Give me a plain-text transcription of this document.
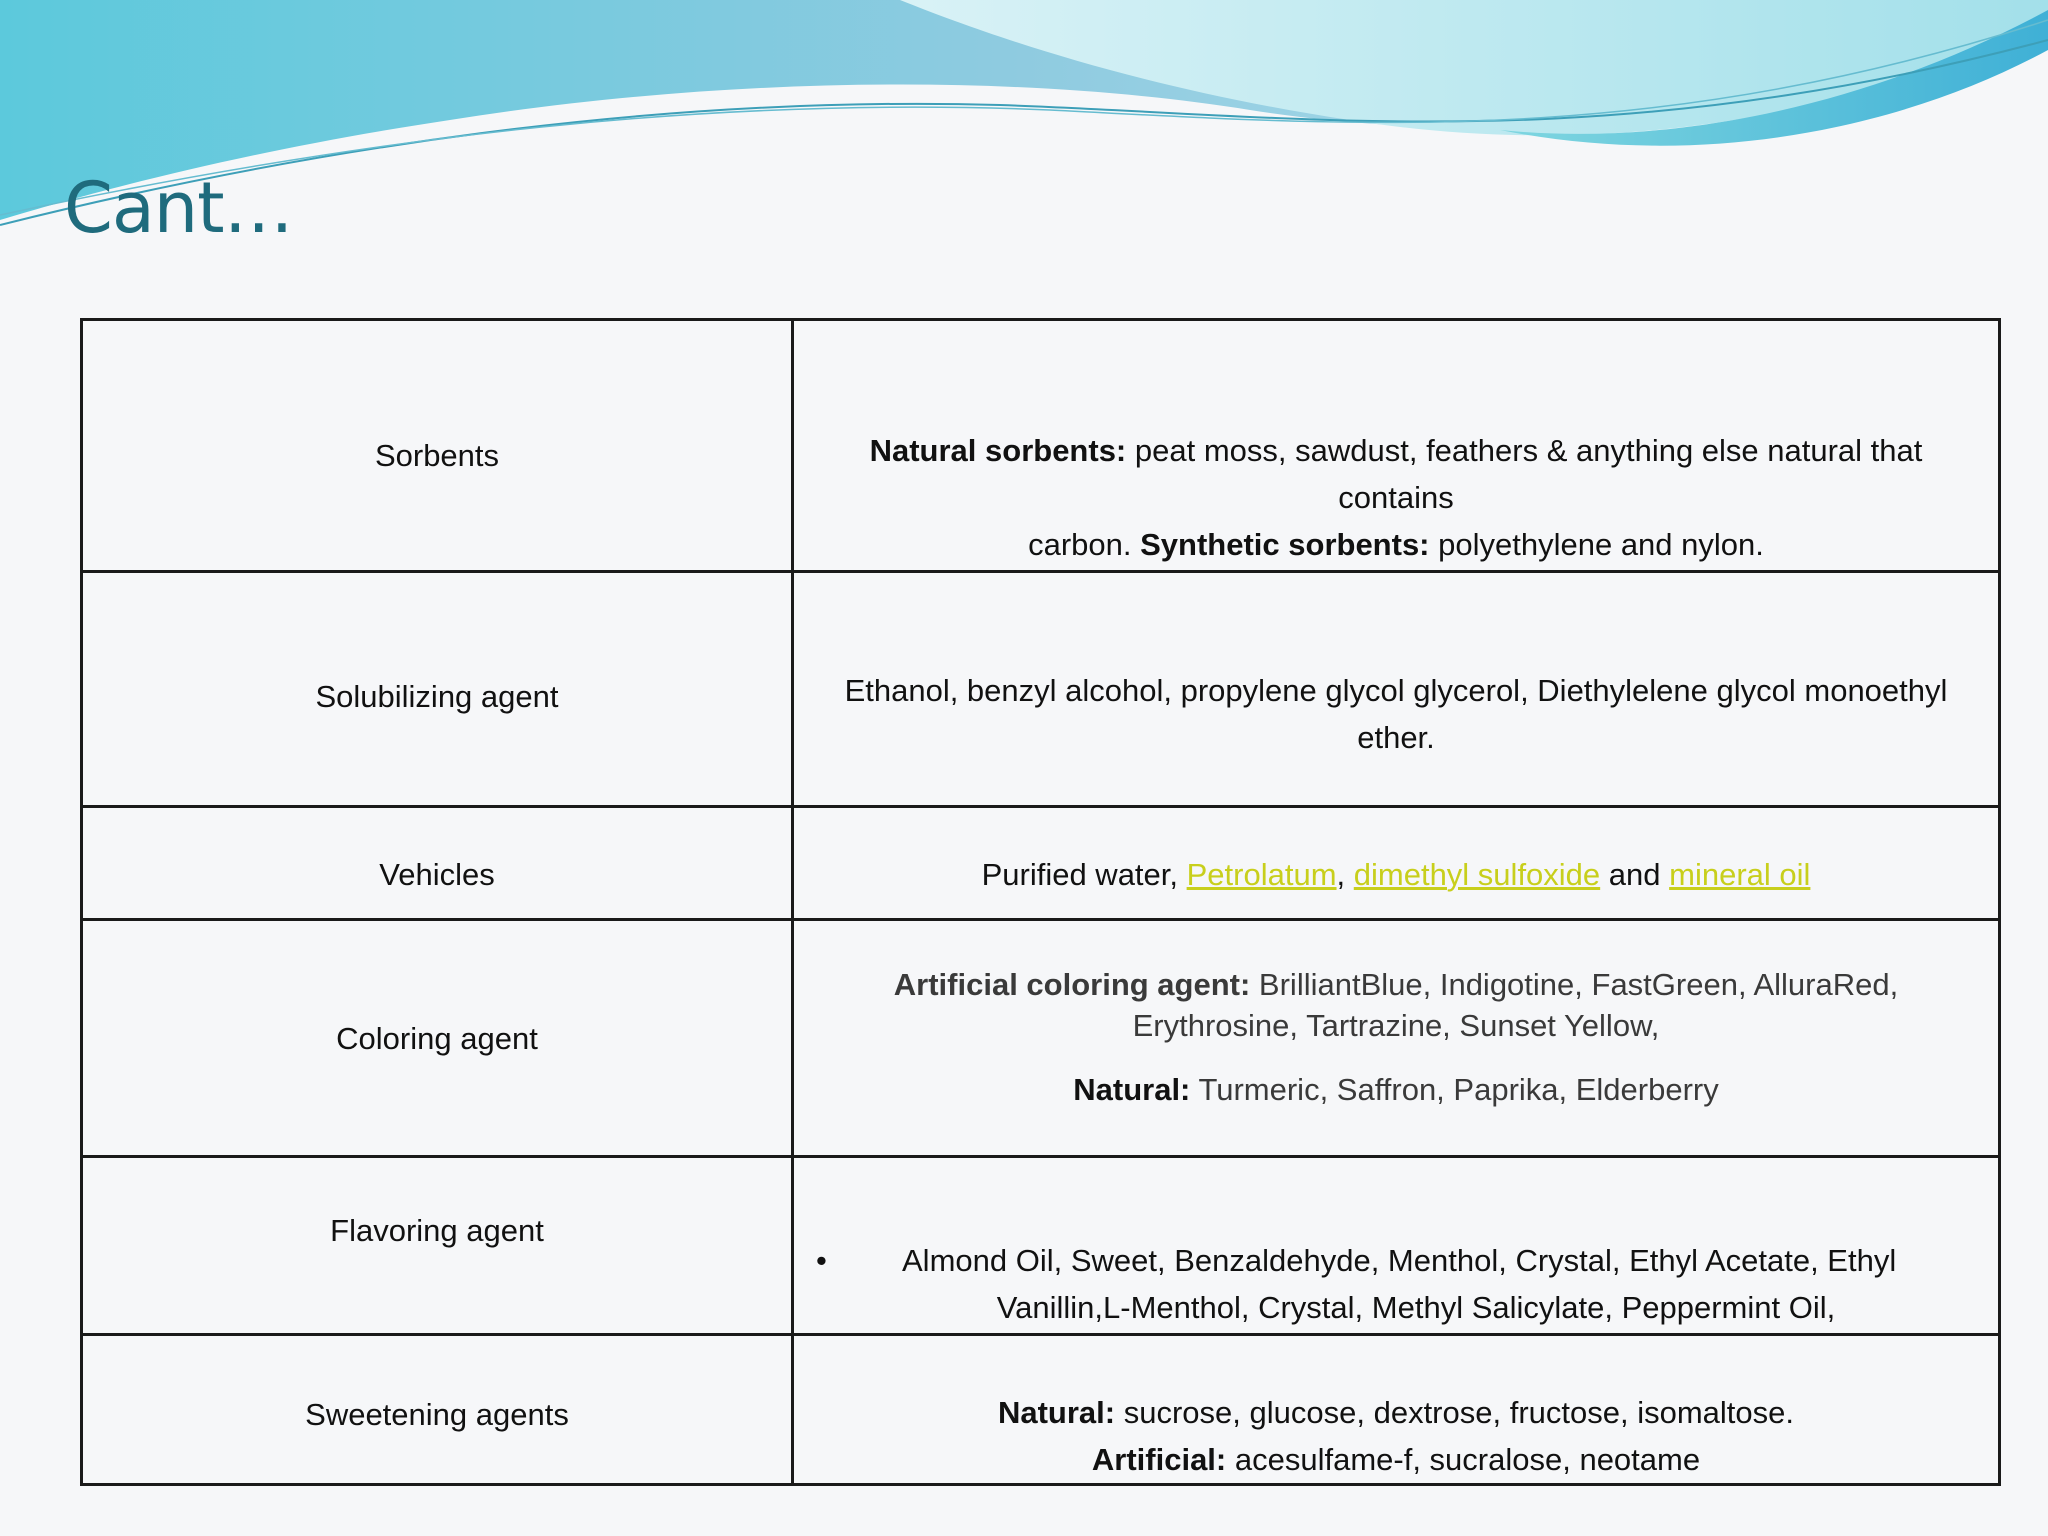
Cant…
Sorbents	Natural sorbents: peat moss, sawdust, feathers & anything else natural that contains
carbon. Synthetic sorbents: polyethylene and nylon.
Solubilizing agent	Ethanol, benzyl alcohol, propylene glycol glycerol, Diethylelene glycol monoethyl ether.
Vehicles	Purified water, Petrolatum, dimethyl sulfoxide and mineral oil
Coloring agent	Artificial coloring agent: BrilliantBlue, Indigotine, FastGreen, AlluraRed, Erythrosine, Tartrazine, Sunset Yellow,
Natural: Turmeric, Saffron, Paprika, Elderberry

Flavoring agent	• Almond Oil, Sweet, Benzaldehyde, Menthol, Crystal, Ethyl Acetate, Ethyl
Vanillin,L-Menthol, Crystal, Methyl Salicylate, Peppermint Oil,

Sweetening agents	Natural: sucrose, glucose, dextrose, fructose, isomaltose.
Artificial: acesulfame-f, sucralose, neotame
